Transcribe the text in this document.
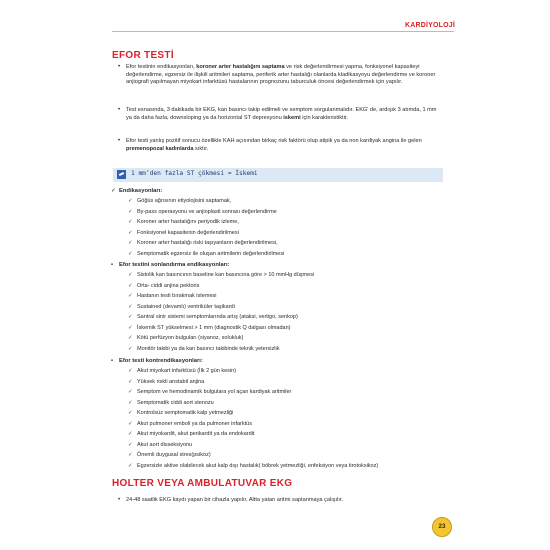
KARDİYOLOJİ
EFOR TESTİ
• Efor testinin endikasyonları, koroner arter hastalığını saptama ve risk değerlendirmesi yapma, fonksiyonel kapasiteyi değerlendirme, egzersiz ile ilişkili aritmileri saptama, periferik arter hastalığı olanlarda kladikasyoyu değerlendirme ve koroner anjiografi yapılmayan miyokart infarktüsü hastalarının prognozunu taburculuk öncesi değerlendirmek için yapılır.
• Test esnasında, 3 dakikada bir EKG, kan basıncı takip edilmeli ve semptom sorgulanmalıdır. EKG' de, ardışık 3 atımda, 1 mm ya da daha fazla, downsloping ya da horizontal ST depresyonu iskemi için karakteristiktir.
• Efor testi yanlış pozitif sonucu özellikle KAH açısından birkaç risk faktörü olup atipik ya da non kardiyak angina ile gelen premenopozal kadınlarda sıktır.
1 mm’den fazla ST çökmesi = İskemi
✓ Endikasyonları:
✓ Göğüs ağrısının etiyolojisini saptamak,
✓ By-pass operasyonu ve anjioplasti sonrası değerlendirme
✓ Koroner arter hastalığını periyodik izleme,
✓ Fonksiyonel kapasitenin değerlendirilmesi
✓ Koroner arter hastalığı riski taşıyanların değerlendirilmesi,
✓ Semptomatik egzersiz ile oluşan aritmilerin değerlendirilmesi
• Efor testini sonlandırma endikasyonları:
✓ Sistolik kan basıncının baseline kan basıncına göre > 10 mmHg düşmesi
✓ Orta- ciddi anjina pektoris
✓ Hastanın testi bırakmak istemesi
✓ Sustained (devamlı) ventriküler taşikardi
✓ Santral sinir sistemi semptomlarında artış (ataksi, vertigo, senkop)
✓ İskemik ST yükselmesi > 1 mm (diagnostik Q dalgası olmadan)
✓ Kötü perfüzyon bulguları (siyanoz, solukluk)
✓ Monitör takibi ya da kan basıncı takibinde teknik yetersizlik
• Efor testi kontrendikasyonları:
✓ Akut miyokart infarktüsü (İlk 2 gün kesin)
✓ Yüksek riskli anstabil anjina
✓ Semptom ve hemodinamik bulgulara yol açan kardiyak aritmiler
✓ Semptomatik ciddi aort stenozu
✓ Kontrolsüz semptomatik kalp yetmezliği
✓ Akut pulmoner emboli ya da pulmoner infarktüs
✓ Akut miyokardit, akut perikardit ya da endokardit
✓ Akut aort disseksiyonu
✓ Önemli duygusal stres(psikoz)
✓ Egzersizle aktive olabilecek akut kalp dışı hastalık( böbrek yetmezliği, enfeksiyon veya tirotoksikoz)
HOLTER VEYA AMBULATUVAR EKG
• 24-48 saatlik EKG kaydı yapan bir cihazla yapılır. Altta yatan aritmi saptanmaya çalışılır.
23
